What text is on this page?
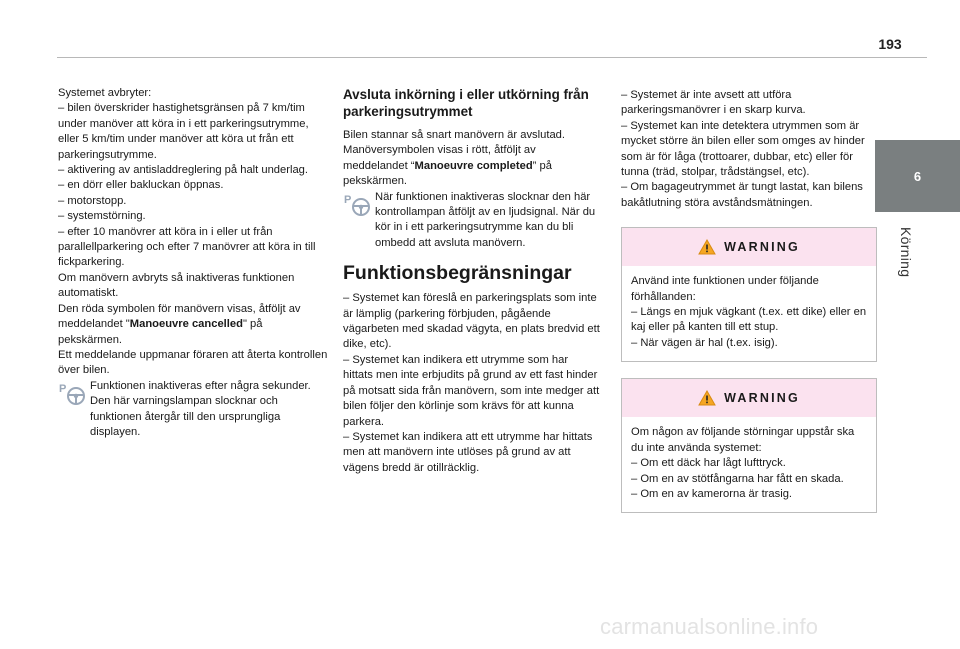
193
6
Körning

Systemet avbryter:

– bilen överskrider hastighetsgränsen på 7 km/tim under manöver att köra in i ett parkeringsutrymme, eller 5 km/tim under manöver att köra ut från ett parkeringsutrymme.

– aktivering av antisladdreglering på halt underlag.

– en dörr eller bakluckan öppnas.

– motorstopp.

– systemstörning.

– efter 10 manövrer att köra in i eller ut från parallellparkering och efter 7 manövrer att köra in till fickparkering.

Om manövern avbryts så inaktiveras funktionen automatiskt.

Den röda symbolen för manövern visas, åtföljt av meddelandet "Manoeuvre cancelled" på pekskärmen.

Ett meddelande uppmanar föraren att återta kontrollen över bilen.

P Funktionen inaktiveras efter några sekunder. Den här varningslampan slocknar och funktionen återgår till den ursprungliga displayen.

Avsluta inkörning i eller utkörning från parkeringsutrymmet

Bilen stannar så snart manövern är avslutad. Manöversymbolen visas i rött, åtföljt av meddelandet “Manoeuvre completed” på pekskärmen.

P När funktionen inaktiveras slocknar den här kontrollampan åtföljt av en ljudsignal. När du kör in i ett parkeringsutrymme kan du bli ombedd att avsluta manövern.

Funktionsbegränsningar

– Systemet kan föreslå en parkeringsplats som inte är lämplig (parkering förbjuden, pågående vägarbeten med skadad vägyta, en plats bredvid ett dike, etc).

– Systemet kan indikera ett utrymme som har hittats men inte erbjudits på grund av ett fast hinder på motsatt sida från manövern, som inte medger att bilen följer den körlinje som krävs för att kunna parkera.

– Systemet kan indikera att ett utrymme har hittats men att manövern inte utlöses på grund av att vägens bredd är otillräcklig.

– Systemet är inte avsett att utföra parkeringsmanövrer i en skarp kurva.

– Systemet kan inte detektera utrymmen som är mycket större än bilen eller som omges av hinder som är för låga (trottoarer, dubbar, etc) eller för tunna (träd, stolpar, trådstängsel, etc).

– Om bagageutrymmet är tungt lastat, kan bilens bakåtlutning störa avståndsmätningen.

WARNING

Använd inte funktionen under följande förhållanden:

– Längs en mjuk vägkant (t.ex. ett dike) eller en kaj eller på kanten till ett stup.

– När vägen är hal (t.ex. isig).

WARNING

Om någon av följande störningar uppstår ska du inte använda systemet:

– Om ett däck har lågt lufttryck.

– Om en av stötfångarna har fått en skada.

– Om en av kamerorna är trasig.

carmanualsonline.info
